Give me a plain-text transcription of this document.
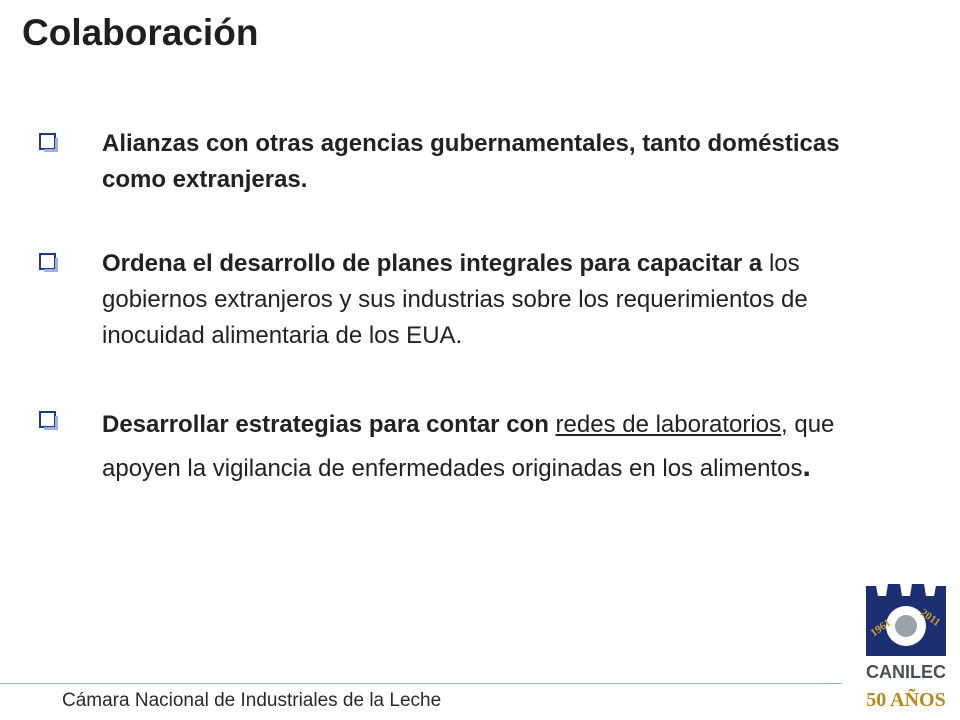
Colaboración
Alianzas con otras agencias gubernamentales, tanto domésticas como extranjeras.
Ordena el desarrollo de planes integrales para capacitar a los gobiernos extranjeros y sus industrias sobre los requerimientos de inocuidad alimentaria de los EUA.
Desarrollar estrategias para contar con redes de laboratorios, que apoyen la vigilancia de enfermedades originadas en los alimentos.
Cámara Nacional de Industriales de la Leche
1961 2011
CANILEC
50 AÑOS
